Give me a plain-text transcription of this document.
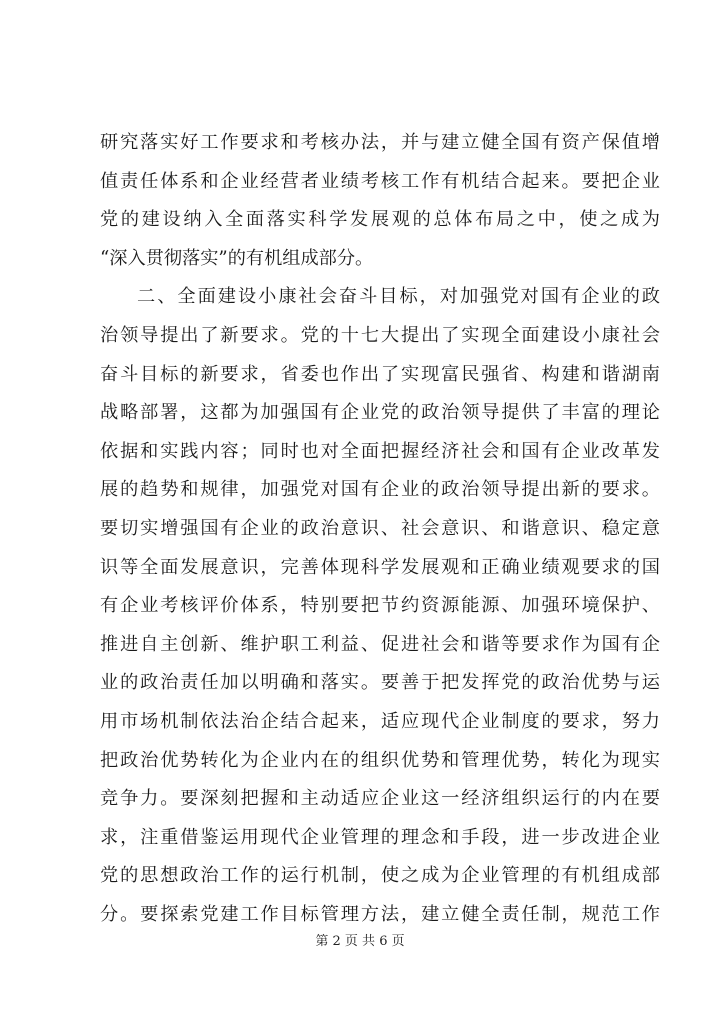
研究落实好工作要求和考核办法，并与建立健全国有资产保值增
值责任体系和企业经营者业绩考核工作有机结合起来。要把企业
党的建设纳入全面落实科学发展观的总体布局之中，使之成为
“深入贯彻落实”的有机组成部分。
二、全面建设小康社会奋斗目标，对加强党对国有企业的政
治领导提出了新要求。党的十七大提出了实现全面建设小康社会
奋斗目标的新要求，省委也作出了实现富民强省、构建和谐湖南
战略部署，这都为加强国有企业党的政治领导提供了丰富的理论
依据和实践内容；同时也对全面把握经济社会和国有企业改革发
展的趋势和规律，加强党对国有企业的政治领导提出新的要求。
要切实增强国有企业的政治意识、社会意识、和谐意识、稳定意
识等全面发展意识，完善体现科学发展观和正确业绩观要求的国
有企业考核评价体系，特别要把节约资源能源、加强环境保护、
推进自主创新、维护职工利益、促进社会和谐等要求作为国有企
业的政治责任加以明确和落实。要善于把发挥党的政治优势与运
用市场机制依法治企结合起来，适应现代企业制度的要求，努力
把政治优势转化为企业内在的组织优势和管理优势，转化为现实
竞争力。要深刻把握和主动适应企业这一经济组织运行的内在要
求，注重借鉴运用现代企业管理的理念和手段，进一步改进企业
党的思想政治工作的运行机制，使之成为企业管理的有机组成部
分。要探索党建工作目标管理方法，建立健全责任制，规范工作
第 2 页 共 6 页
